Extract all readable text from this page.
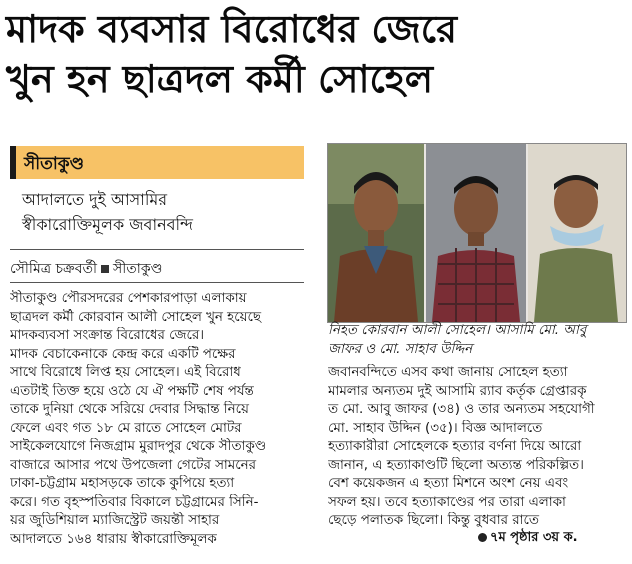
মাদক ব্যবসার বিরোধের জেরে
খুন হন ছাত্রদল কর্মী সোহেল
সীতাকুণ্ড
আদালতে দুই আসামির
স্বীকারোক্তিমূলক জবানবন্দি
সৌমিত্র চক্রবর্তী সীতাকুণ্ড
সীতাকুণ্ড পৌরসদরের পেশকারপাড়া এলাকায়
ছাত্রদল কর্মী কোরবান আলী সোহেল খুন হয়েছে
মাদকব্যবসা সংক্রান্ত বিরোধের জেরে।
মাদক বেচাকেনাকে কেন্দ্র করে একটি পক্ষের
সাথে বিরোধে লিপ্ত হয় সোহেল। এই বিরোধ
এতটাই তিক্ত হয়ে ওঠে যে ঐ পক্ষটি শেষ পর্যন্ত
তাকে দুনিয়া থেকে সরিয়ে দেবার সিদ্ধান্ত নিয়ে
ফেলে এবং গত ১৮ মে রাতে সোহেল মোটর
সাইকেলযোগে নিজগ্রাম মুরাদপুর থেকে সীতাকুণ্ড
বাজারে আসার পথে উপজেলা গেটের সামনের
ঢাকা-চট্টগ্রাম মহাসড়কে তাকে কুপিয়ে হত্যা
করে। গত বৃহস্পতিবার বিকালে চট্টগ্রামের সিনি-
য়র জুডিশিয়াল ম্যাজিস্ট্রেট জয়ন্তী সাহার
আদালতে ১৬৪ ধারায় স্বীকারোক্তিমূলক
নিহত কোরবান আলী সোহেল। আসামি মো. আবু
জাফর ও মো. সাহাব উদ্দিন
জবানবন্দিতে এসব কথা জানায় সোহেল হত্যা
মামলার অন্যতম দুই আসামি র‍্যাব কর্তৃক গ্রেপ্তারকৃ
ত মো. আবু জাফর (৩৪) ও তার অন্যতম সহযোগী
মো. সাহাব উদ্দিন (৩৫)। বিজ্ঞ আদালতে
হত্যাকারীরা সোহেলকে হত্যার বর্ণনা দিয়ে আরো
জানান, এ হত্যাকাণ্ডটি ছিলো অত্যন্ত পরিকল্পিত।
বেশ কয়েকজন এ হত্যা মিশনে অংশ নেয় এবং
সফল হয়। তবে হত্যাকাণ্ডের পর তারা এলাকা
ছেড়ে পলাতক ছিলো। কিন্তু বুধবার রাতে
৭ম পৃষ্ঠার ৩য় ক.
